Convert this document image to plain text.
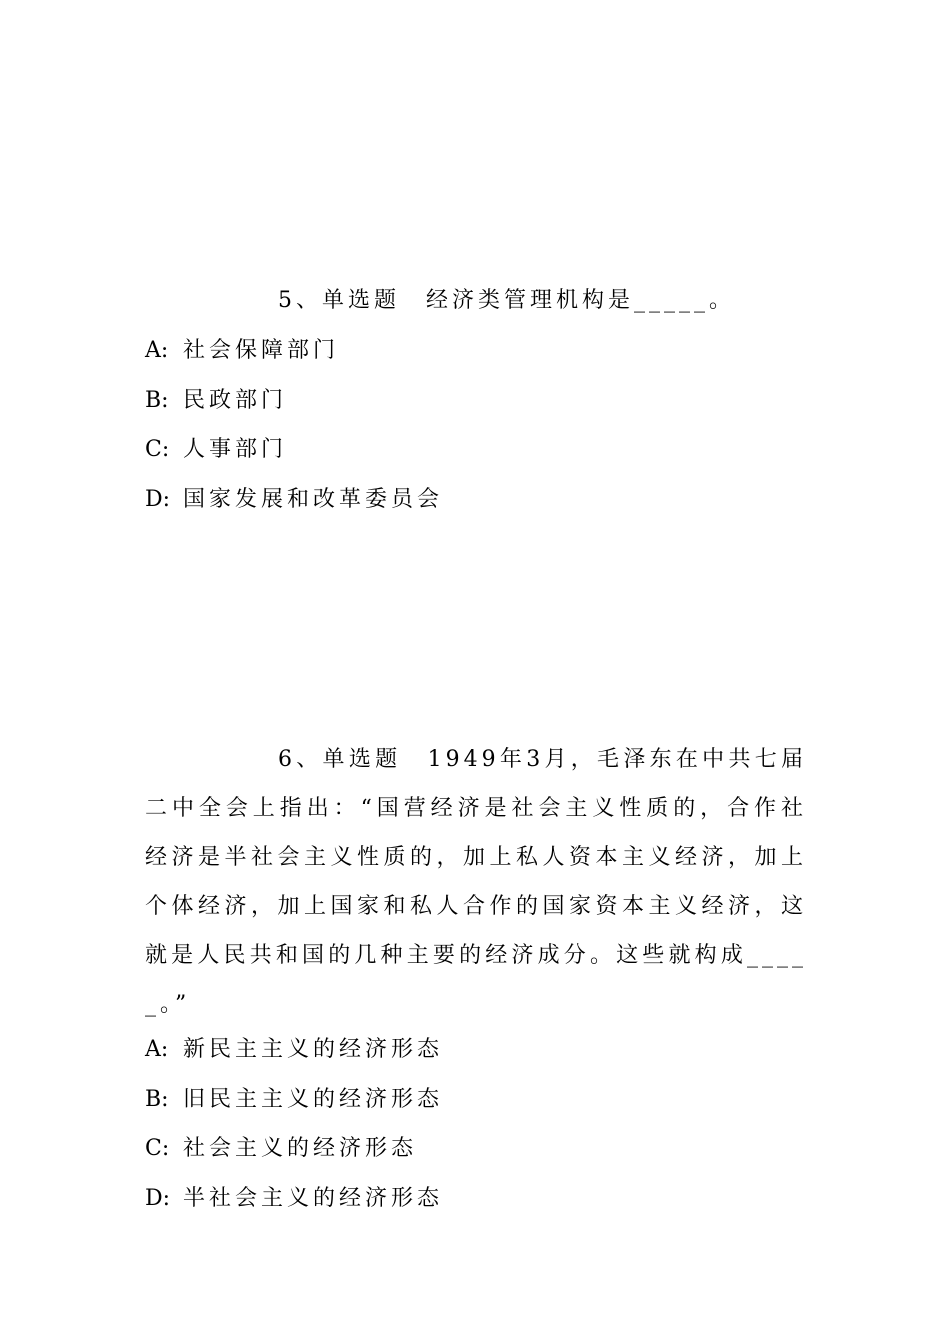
5、单选题　经济类管理机构是_____。

A: 社会保障部门
B: 民政部门
C: 人事部门
D: 国家发展和改革委员会

6、单选题　1949年3月，毛泽东在中共七届二中全会上指出：“国营经济是社会主义性质的，合作社经济是半社会主义性质的，加上私人资本主义经济，加上个体经济，加上国家和私人合作的国家资本主义经济，这就是人民共和国的几种主要的经济成分。这些就构成_____。”

A: 新民主主义的经济形态
B: 旧民主主义的经济形态
C: 社会主义的经济形态
D: 半社会主义的经济形态
